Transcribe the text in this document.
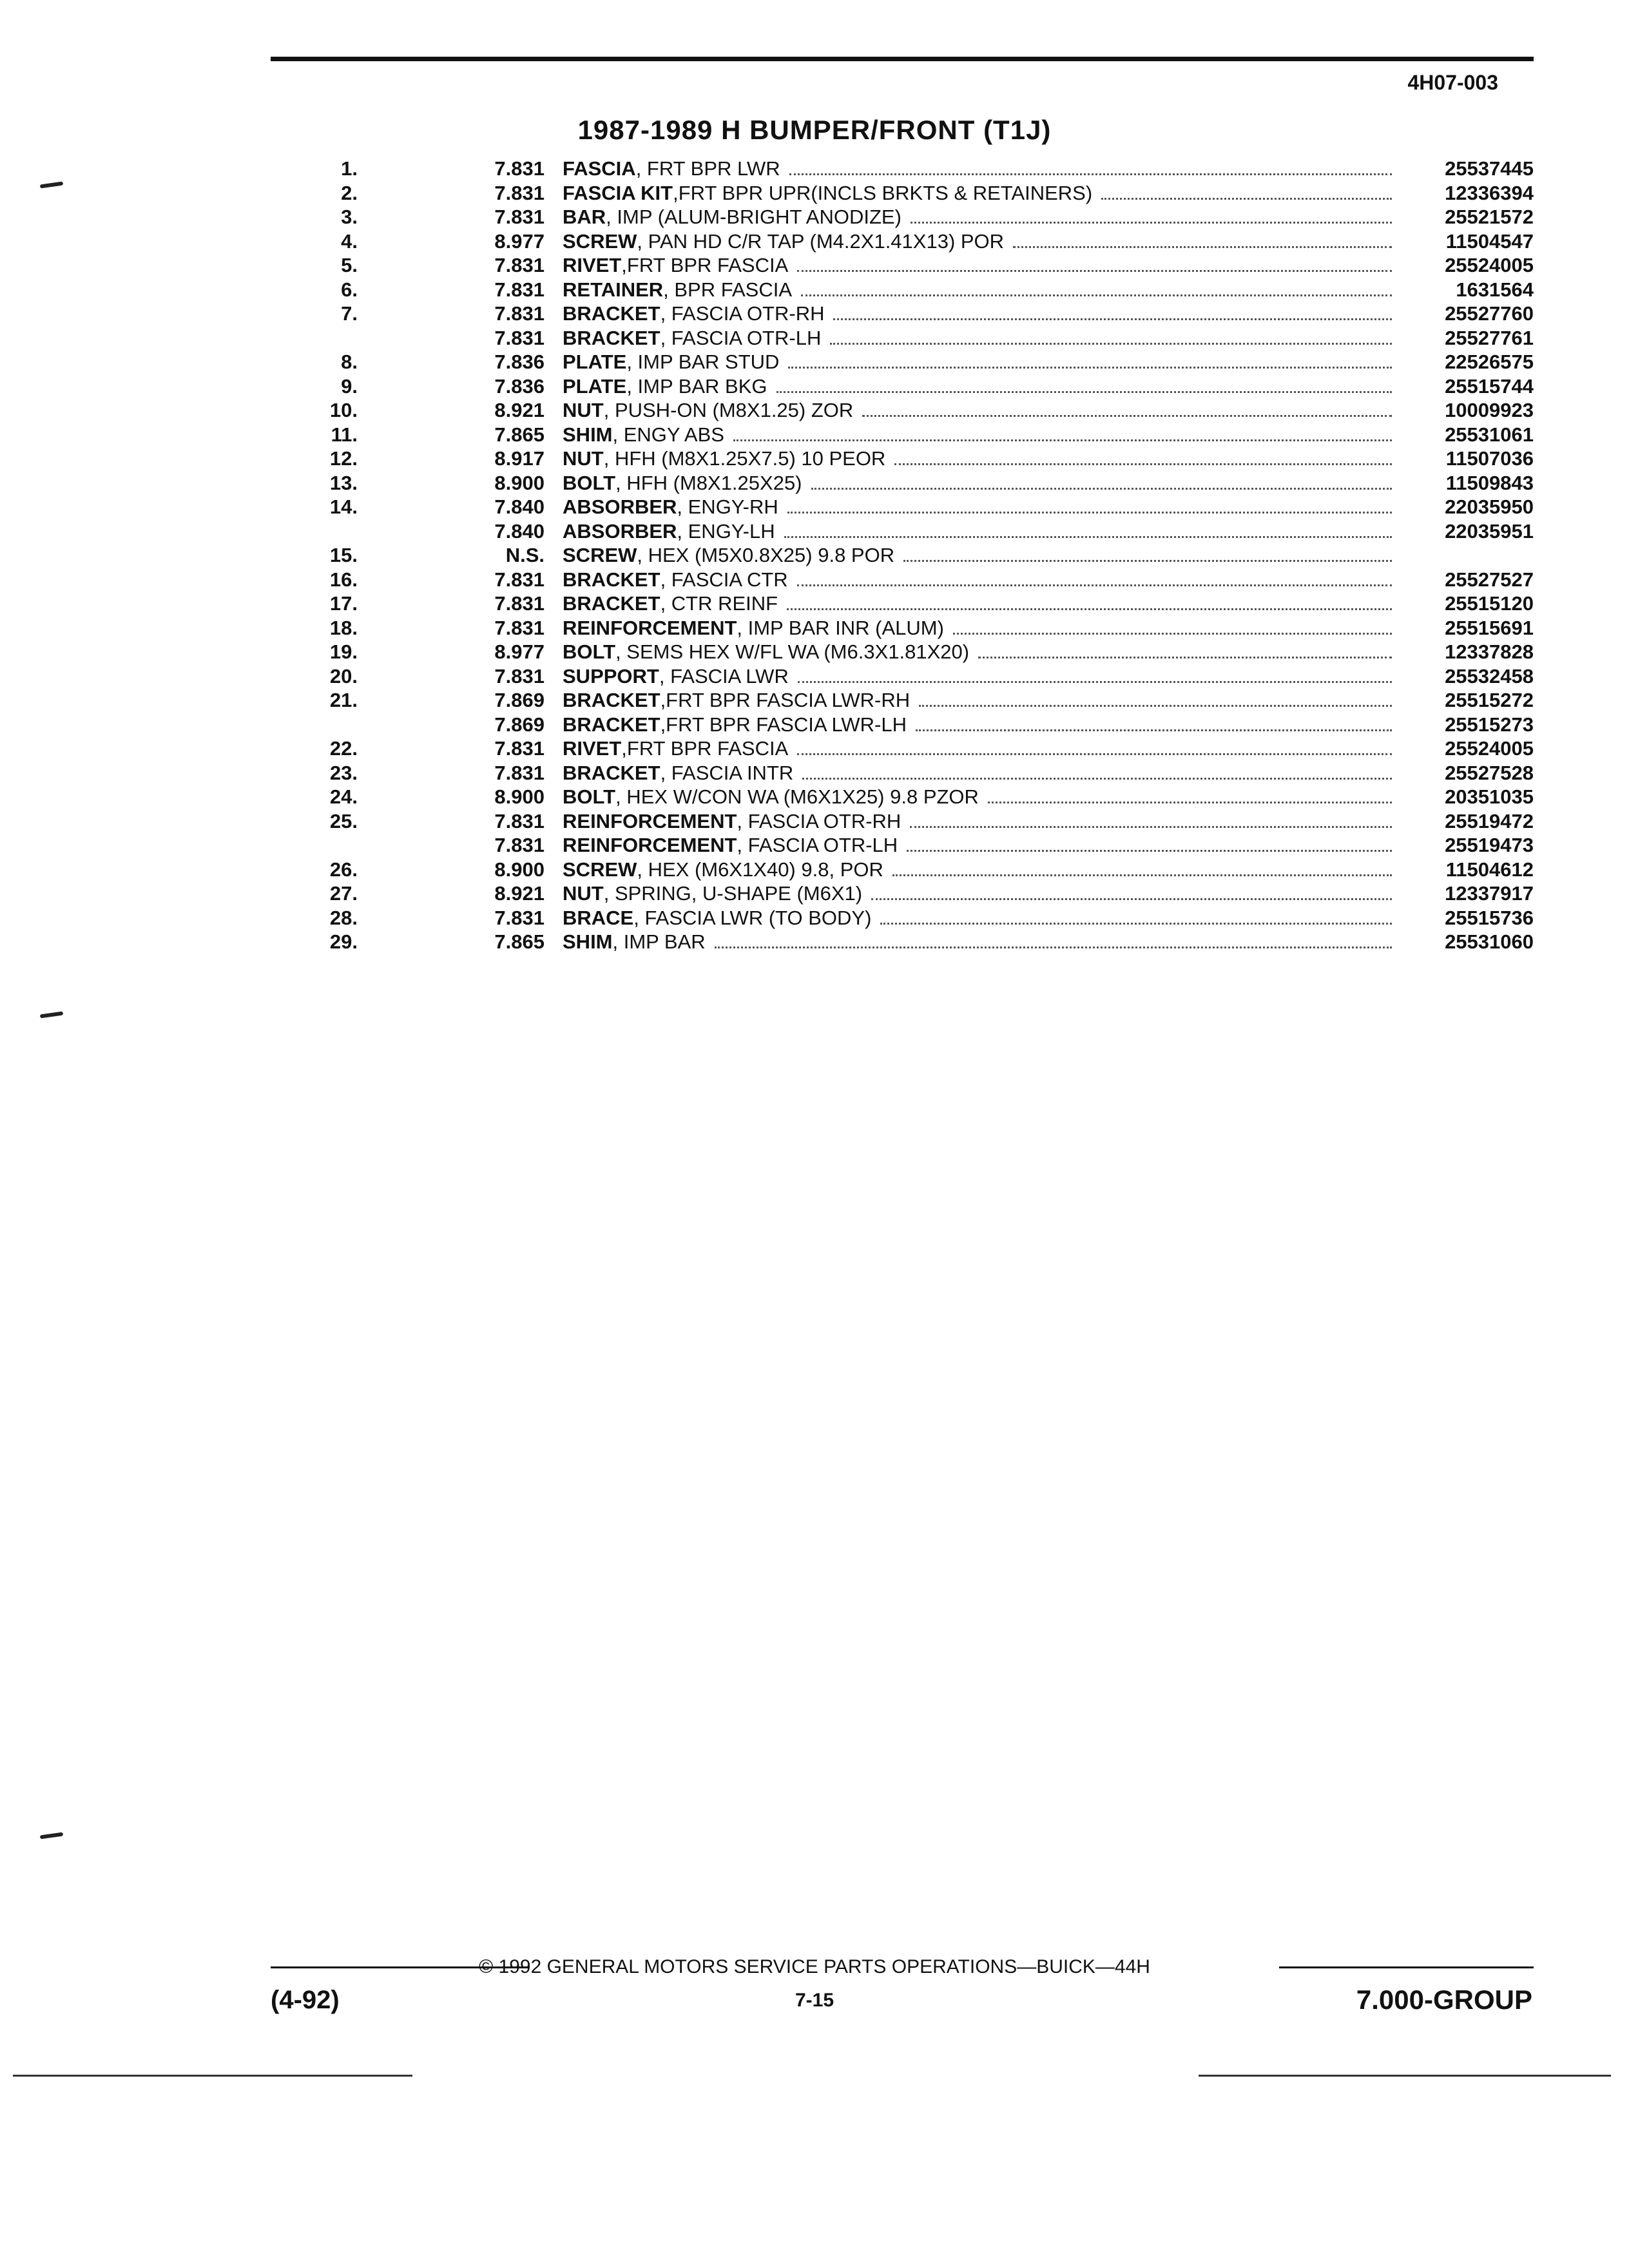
4H07-003
1987-1989 H BUMPER/FRONT (T1J)
1.	7.831 FASCIA , FRT BPR LWR	25537445
2.	7.831 FASCIA KIT ,FRT BPR UPR(INCLS BRKTS & RETAINERS)	12336394
3.	7.831 BAR , IMP (ALUM-BRIGHT ANODIZE)	25521572
4.	8.977 SCREW , PAN HD C/R TAP (M4.2X1.41X13) POR	11504547
5.	7.831 RIVET ,FRT BPR FASCIA	25524005
6.	7.831 RETAINER , BPR FASCIA	1631564
7.	7.831 BRACKET , FASCIA OTR-RH	25527760
7.831 BRACKET , FASCIA OTR-LH	25527761
8.	7.836 PLATE , IMP BAR STUD	22526575
9.	7.836 PLATE , IMP BAR BKG	25515744
10.	8.921 NUT , PUSH-ON (M8X1.25) ZOR	10009923
11.	7.865 SHIM , ENGY ABS	25531061
12.	8.917 NUT , HFH (M8X1.25X7.5) 10 PEOR	11507036
13.	8.900 BOLT , HFH (M8X1.25X25)	11509843
14.	7.840 ABSORBER , ENGY-RH	22035950
7.840 ABSORBER , ENGY-LH	22035951
15.	N.S. SCREW , HEX (M5X0.8X25) 9.8 POR
16.	7.831 BRACKET , FASCIA CTR	25527527
17.	7.831 BRACKET , CTR REINF	25515120
18.	7.831 REINFORCEMENT , IMP BAR INR (ALUM)	25515691
19.	8.977 BOLT , SEMS HEX W/FL WA (M6.3X1.81X20)	12337828
20.	7.831 SUPPORT , FASCIA LWR	25532458
21.	7.869 BRACKET ,FRT BPR FASCIA LWR-RH	25515272
7.869 BRACKET ,FRT BPR FASCIA LWR-LH	25515273
22.	7.831 RIVET ,FRT BPR FASCIA	25524005
23.	7.831 BRACKET , FASCIA INTR	25527528
24.	8.900 BOLT , HEX W/CON WA (M6X1X25) 9.8 PZOR	20351035
25.	7.831 REINFORCEMENT , FASCIA OTR-RH	25519472
7.831 REINFORCEMENT , FASCIA OTR-LH	25519473
26.	8.900 SCREW , HEX (M6X1X40) 9.8, POR	11504612
27.	8.921 NUT , SPRING, U-SHAPE (M6X1)	12337917
28.	7.831 BRACE , FASCIA LWR (TO BODY)	25515736
29.	7.865 SHIM , IMP BAR	25531060
© 1992 GENERAL MOTORS SERVICE PARTS OPERATIONS—BUICK—44H
(4-92)	7-15	7.000-GROUP
